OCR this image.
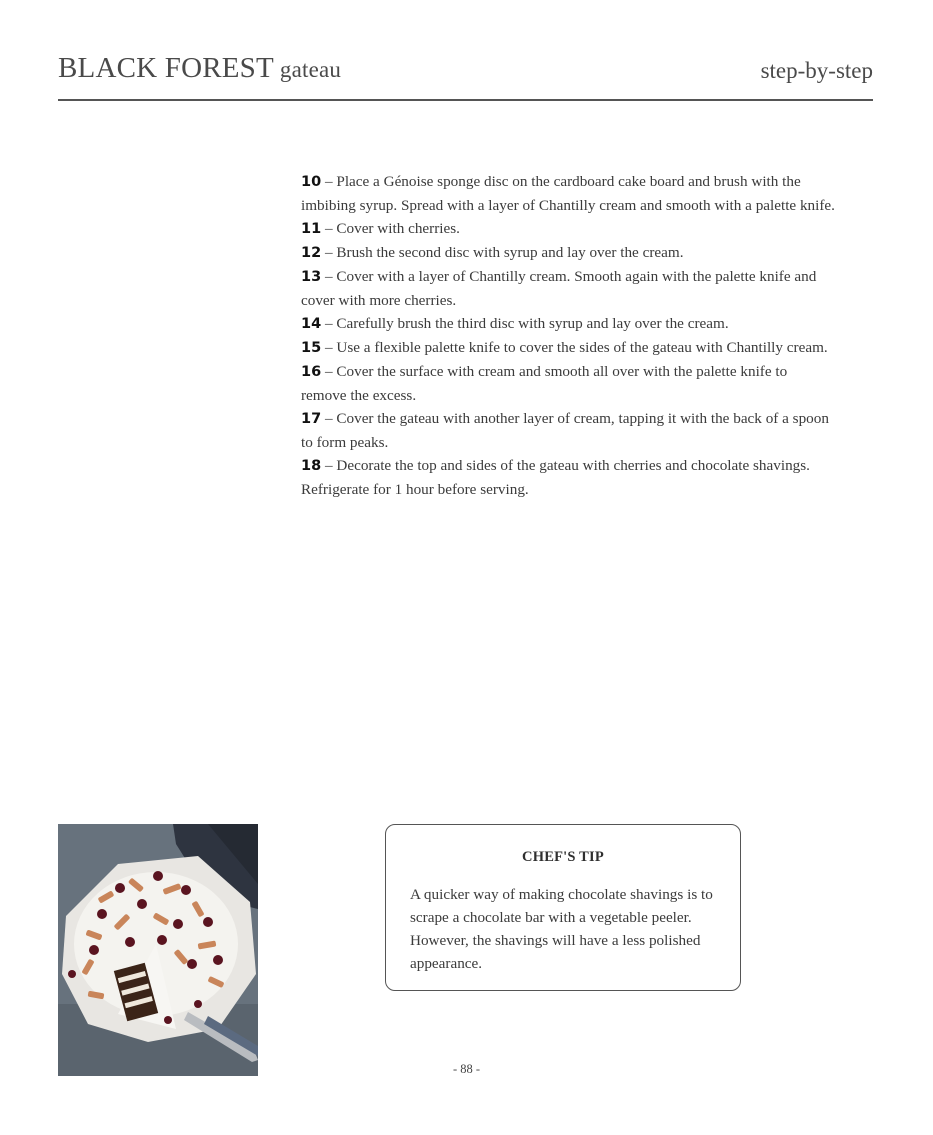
BLACK FOREST gateau	step-by-step

10 – Place a Génoise sponge disc on the cardboard cake board and brush with the imbibing syrup. Spread with a layer of Chantilly cream and smooth with a palette knife.

11 – Cover with cherries.

12 – Brush the second disc with syrup and lay over the cream.

13 – Cover with a layer of Chantilly cream. Smooth again with the palette knife and cover with more cherries.

14 – Carefully brush the third disc with syrup and lay over the cream.

15 – Use a flexible palette knife to cover the sides of the gateau with Chantilly cream.

16 – Cover the surface with cream and smooth all over with the palette knife to remove the excess.

17 – Cover the gateau with another layer of cream, tapping it with the back of a spoon to form peaks.

18 – Decorate the top and sides of the gateau with cherries and chocolate shavings. Refrigerate for 1 hour before serving.

CHEF'S TIP
A quicker way of making chocolate shavings is to scrape a chocolate bar with a vegetable peeler. However, the shavings will have a less polished appearance.
- 88 -
